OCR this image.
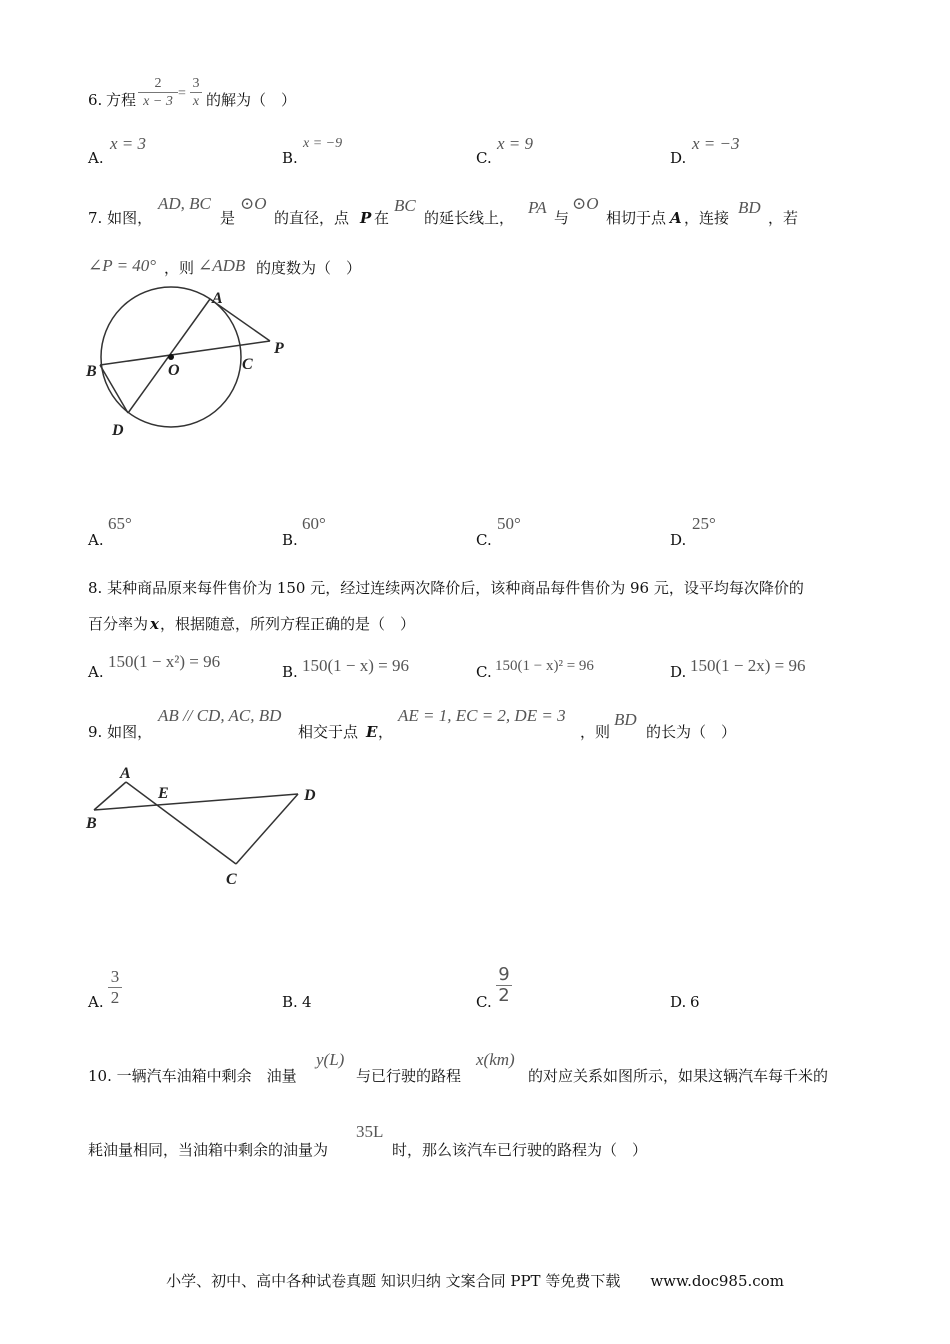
6. 方程
2
x − 3
=
3
x 的解为（　）
A.
x = 3
B.
x = −9
C.
x = 9
D.
x = −3
7. 如图，
AD, BC
是
⊙O
的直径，点 P 在
BC
的延长线上，
PA
与
⊙O
相切于点 A ，连接
BD
，若
∠P = 40° ，则 ∠ADB 的度数为（　）
A
B	C
D
O
P
A.
65°
B.
60°
C.
50°
D.
25°
8. 某种商品原来每件售价为 150 元，经过连续两次降价后，该种商品每件售价为 96 元，设平均每次降价的
百分率为 x ，根据随意，所列方程正确的是（　）
A.
150(1 − x²) = 96
B. 150(1 − x) = 96	C. 150(1 − x)² = 96	D. 150(1 − 2x) = 96
9. 如图，
AB // CD, AC, BD
相交于点 E ，
AE = 1, EC = 2, DE = 3
，则
BD
的长为（　）
A
B
C
D
E
A.
3
2	B. 4	C.
9
2	D. 6
10. 一辆汽车油箱中剩余　油量
y(L)
与已行驶的路程
x(km)
的对应关系如图所示，如果这辆汽车每千米的
耗油量相同，当油箱中剩余的油量为
35L
时，那么该汽车已行驶的路程为（　）
小学、初中、高中各种试卷真题 知识归纳 文案合同 PPT 等免费下载　　www.doc985.com
